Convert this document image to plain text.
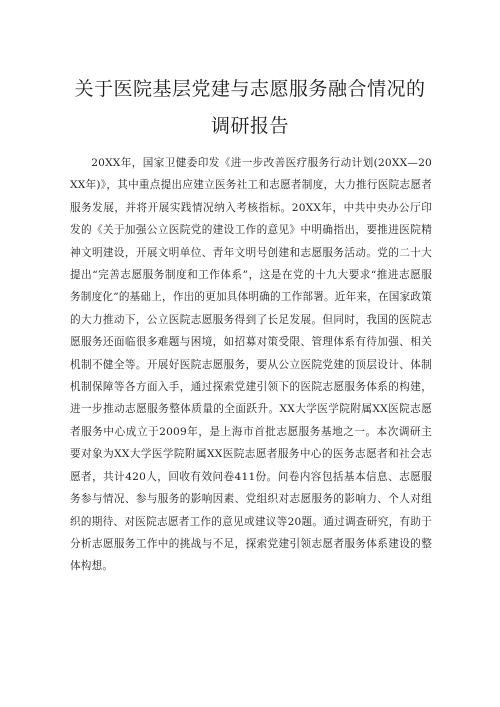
关于医院基层党建与志愿服务融合情况的
调研报告

20XX年，国家卫健委印发《进一步改善医疗服务行动计划(20XX—20XX年)》，其中重点提出应建立医务社工和志愿者制度，大力推行医院志愿者服务发展，并将开展实践情况纳入考核指标。20XX年，中共中央办公厅印发的《关于加强公立医院党的建设工作的意见》中明确指出，要推进医院精神文明建设，开展文明单位、青年文明号创建和志愿服务活动。党的二十大提出“完善志愿服务制度和工作体系”，这是在党的十九大要求“推进志愿服务制度化”的基础上，作出的更加具体明确的工作部署。近年来，在国家政策的大力推动下，公立医院志愿服务得到了长足发展。但同时，我国的医院志愿服务还面临很多难题与困境，如招募对策受限、管理体系有待加强、相关机制不健全等。开展好医院志愿服务，要从公立医院党建的顶层设计、体制机制保障等各方面入手，通过探索党建引领下的医院志愿服务体系的构建，进一步推动志愿服务整体质量的全面跃升。XX大学医学院附属XX医院志愿者服务中心成立于2009年，是上海市首批志愿服务基地之一。本次调研主要对象为XX大学医学院附属XX医院志愿者服务中心的医务志愿者和社会志愿者，共计420人，回收有效问卷411份。问卷内容包括基本信息、志愿服务参与情况、参与服务的影响因素、党组织对志愿服务的影响力、个人对组织的期待、对医院志愿者工作的意见或建议等20题。通过调查研究，有助于分析志愿服务工作中的挑战与不足，探索党建引领志愿者服务体系建设的整体构想。
